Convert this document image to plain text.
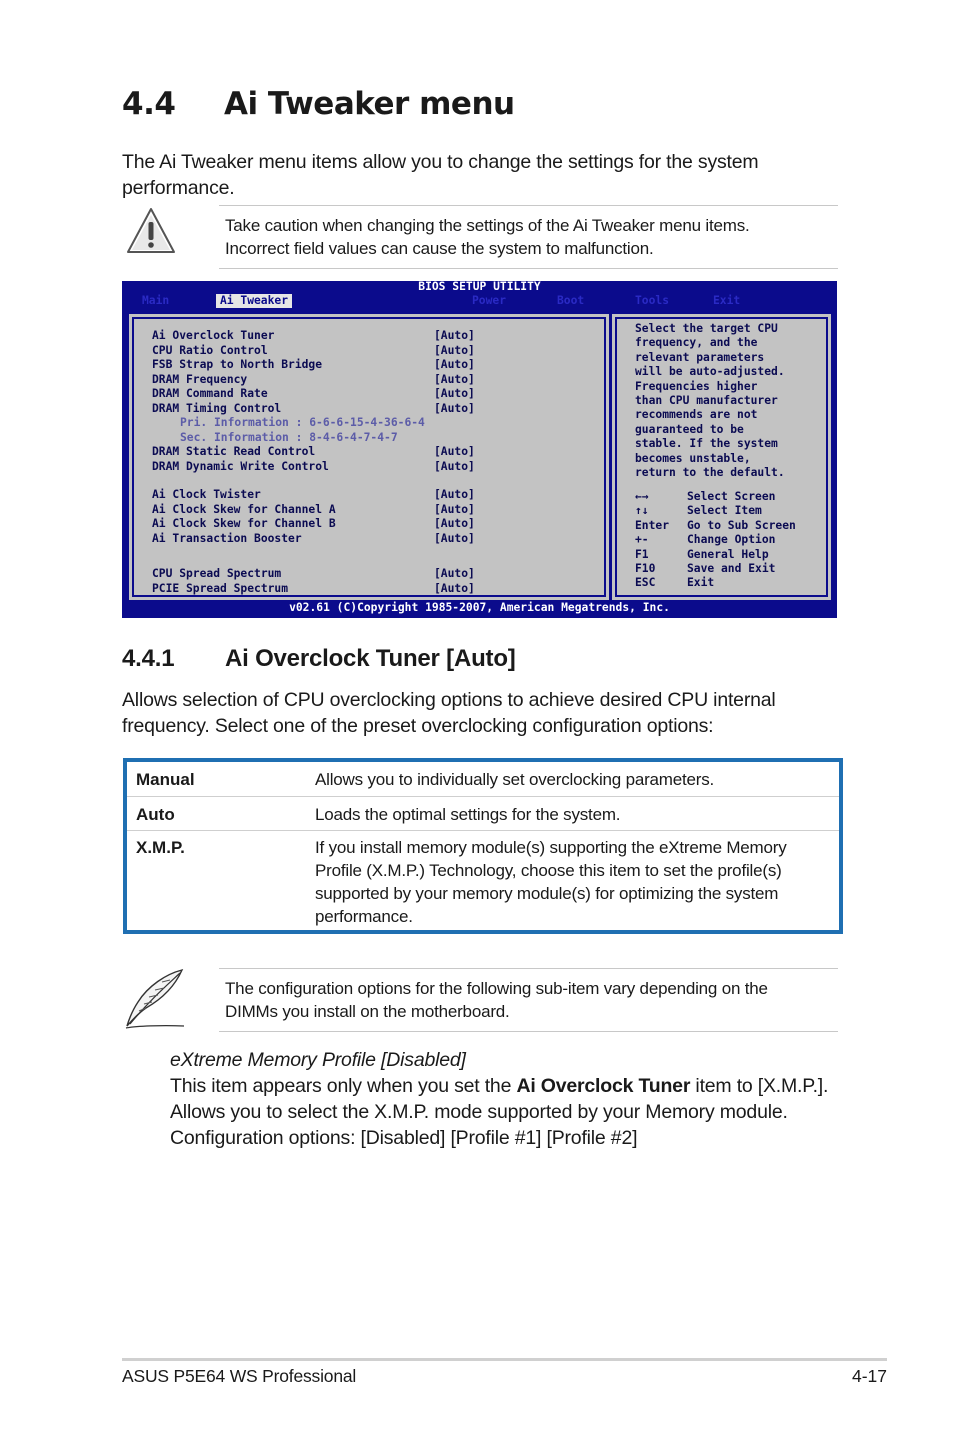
4.4 Ai Tweaker menu
The Ai Tweaker menu items allow you to change the settings for the system performance.
Take caution when changing the settings of the Ai Tweaker menu items.
Incorrect field values can cause the system to malfunction.
BIOS SETUP UTILITY
Main	Ai Tweaker	Power	Boot	Tools	Exit
Ai Overclock Tuner	[Auto]
CPU Ratio Control	[Auto]
FSB Strap to North Bridge	[Auto]
DRAM Frequency	[Auto]
DRAM Command Rate	[Auto]
DRAM Timing Control	[Auto]
Pri. Information : 6-6-6-15-4-36-6-4
Sec. Information : 8-4-6-4-7-4-7
DRAM Static Read Control	[Auto]
DRAM Dynamic Write Control	[Auto]
Ai Clock Twister	[Auto]
Ai Clock Skew for Channel A	[Auto]
Ai Clock Skew for Channel B	[Auto]
Ai Transaction Booster	[Auto]
CPU Spread Spectrum	[Auto]
PCIE Spread Spectrum	[Auto]
Select the target CPU
frequency, and the
relevant parameters
will be auto-adjusted.
Frequencies higher
than CPU manufacturer
recommends are not
guaranteed to be
stable. If the system
becomes unstable,
return to the default.
←→	Select Screen
↑↓	Select Item
Enter Go to Sub Screen
+-	Change Option
F1	General Help
F10	Save and Exit
ESC	Exit
v02.61 (C)Copyright 1985-2007, American Megatrends, Inc.
4.4.1 Ai Overclock Tuner [Auto]
Allows selection of CPU overclocking options to achieve desired CPU internal frequency. Select one of the preset overclocking configuration options:
Manual	Allows you to individually set overclocking parameters.
Auto	Loads the optimal settings for the system.
X.M.P.	If you install memory module(s) supporting the eXtreme Memory Profile (X.M.P.) Technology, choose this item to set the profile(s) supported by your memory module(s) for optimizing the system performance.
The configuration options for the following sub-item vary depending on the
DIMMs you install on the motherboard.
eXtreme Memory Profile [Disabled]
This item appears only when you set the Ai Overclock Tuner item to [X.M.P.]. Allows you to select the X.M.P. mode supported by your Memory module.
Configuration options: [Disabled] [Profile #1] [Profile #2]
ASUS P5E64 WS Professional	4-17
